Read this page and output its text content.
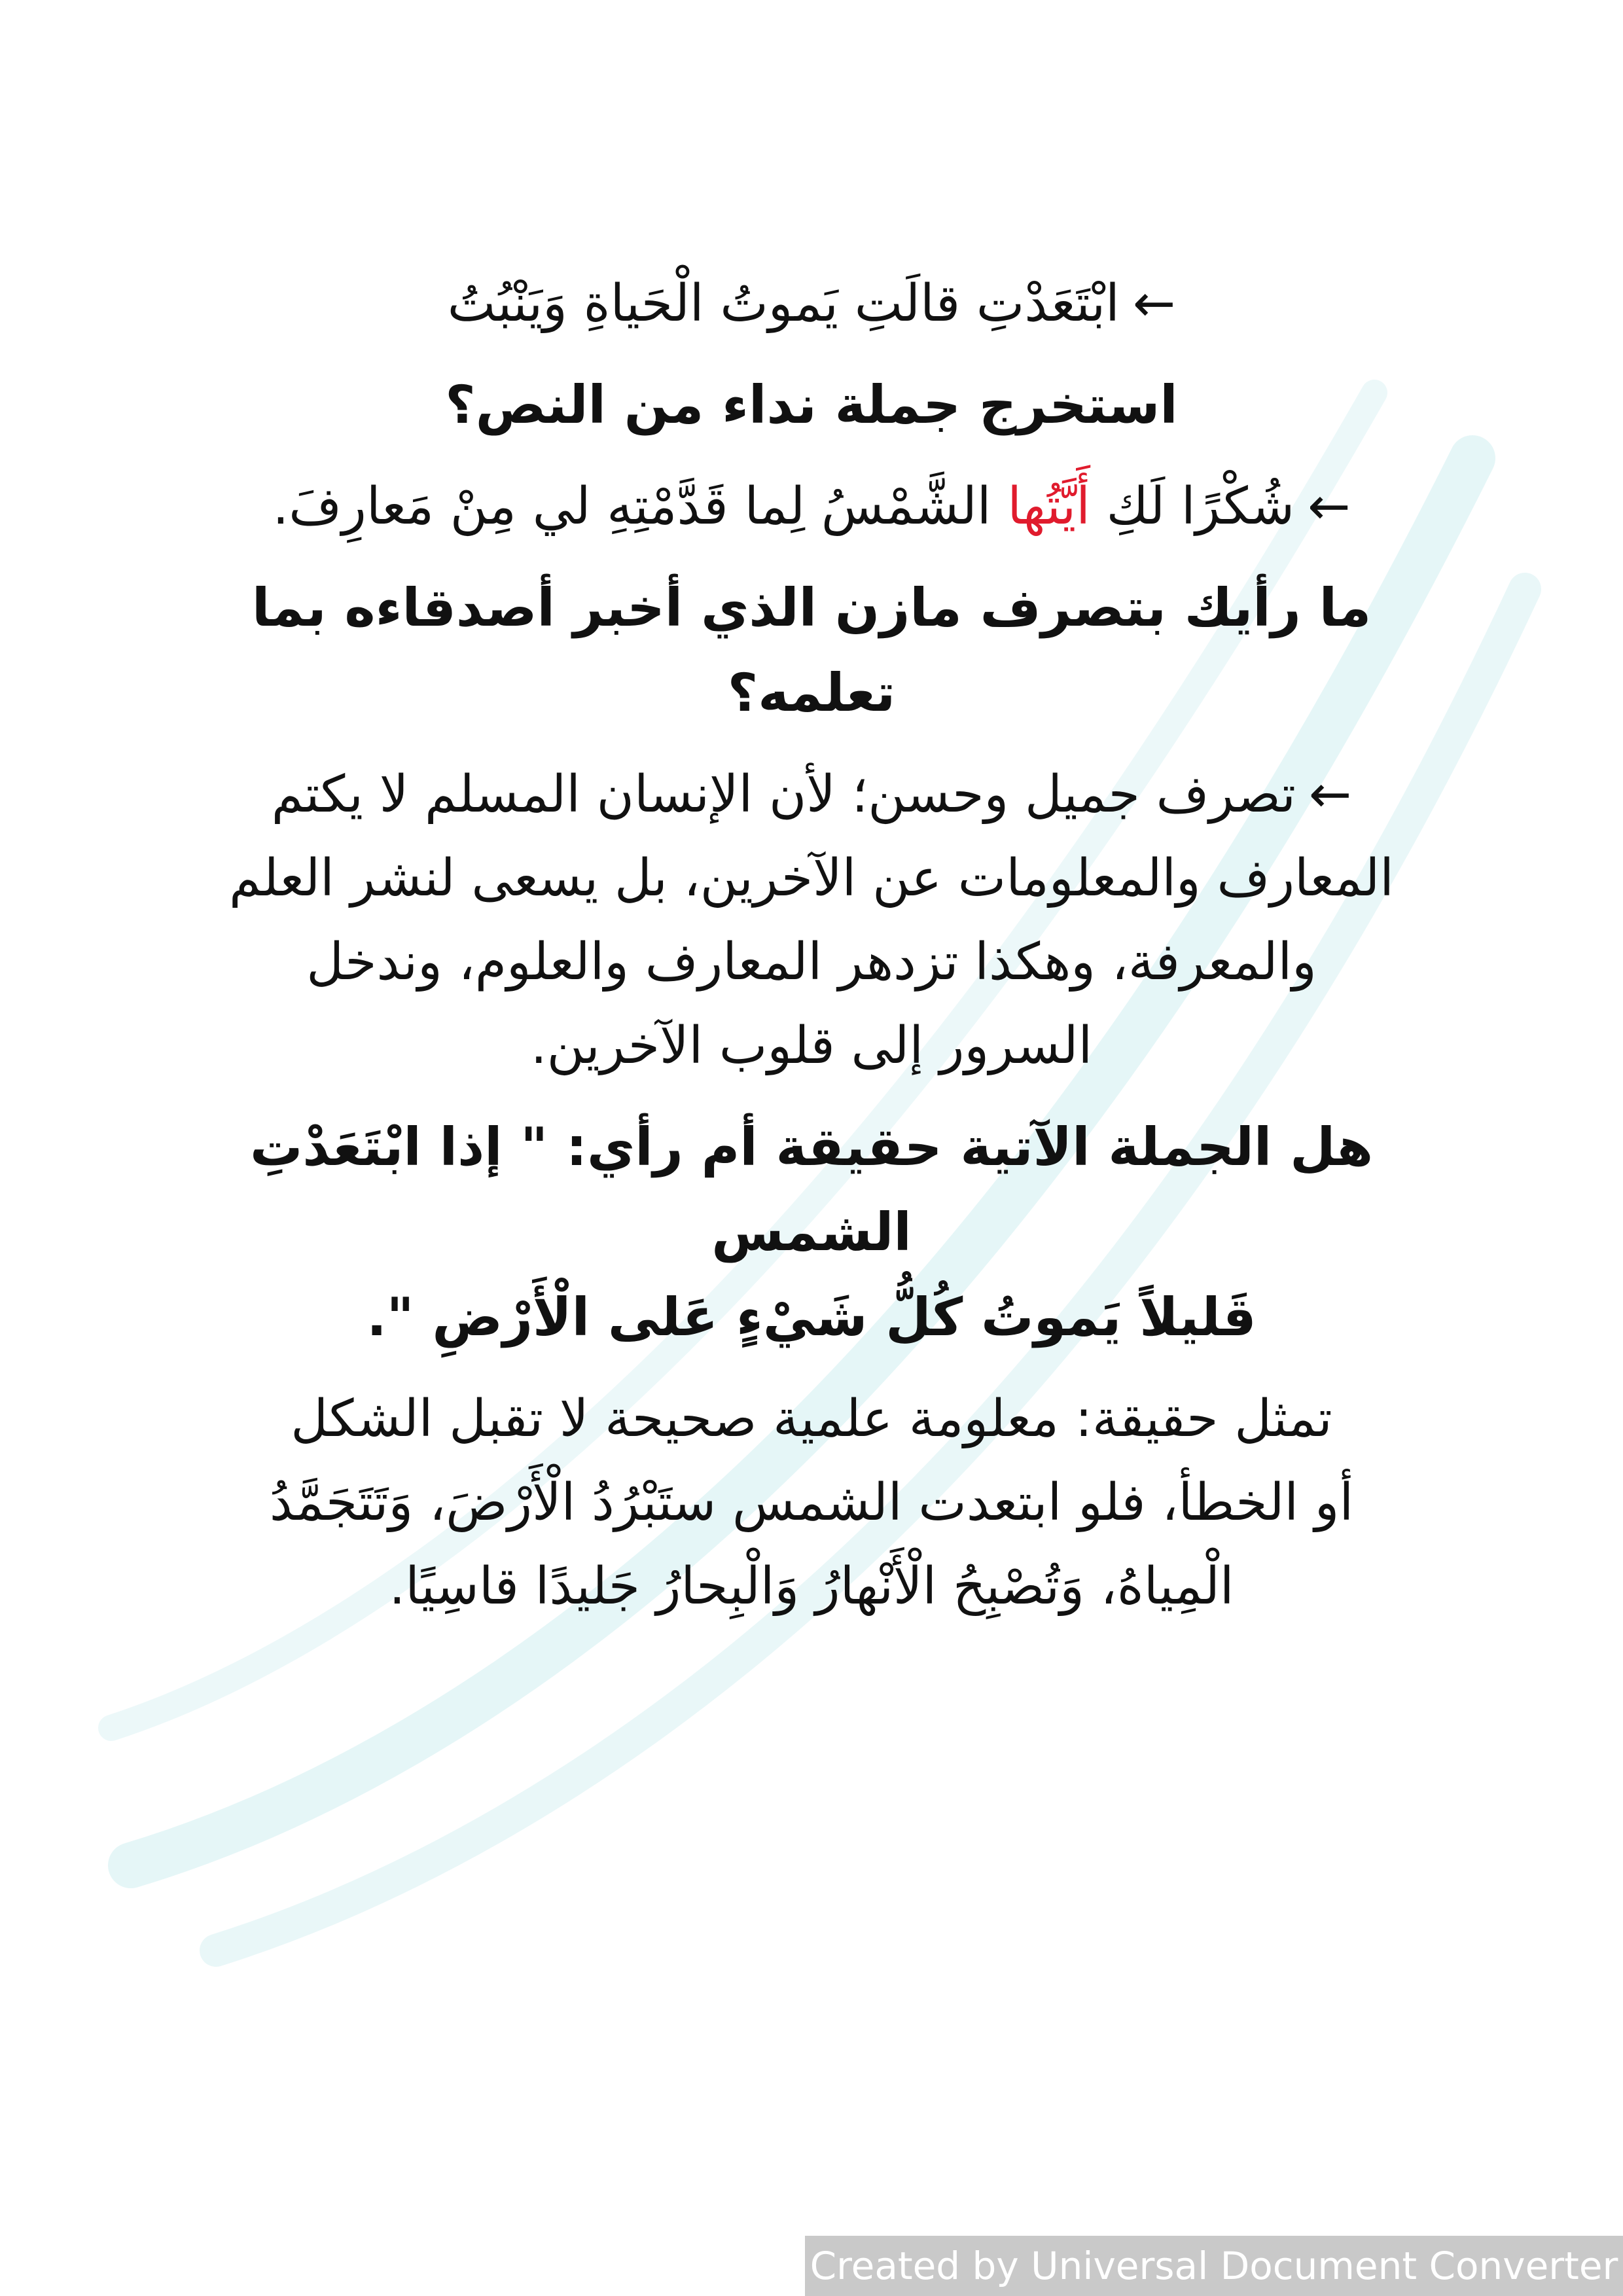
←ابْتَعَدْتِ قالَتِ يَموتُ الْحَياةِ وَيَنْبُتُ

استخرج جملة نداء من النص؟

←شُكْرًا لَكِ أَيَّتُها الشَّمْسُ لِما قَدَّمْتِهِ لي مِنْ مَعارِفَ.

ما رأيك بتصرف مازن الذي أخبر أصدقاءه بما تعلمه؟

←تصرف جميل وحسن؛ لأن الإنسان المسلم لا يكتم

المعارف والمعلومات عن الآخرين، بل يسعى لنشر العلم

والمعرفة، وهكذا تزدهر المعارف والعلوم، وندخل

السرور إلى قلوب الآخرين.

هل الجملة الآتية حقيقة أم رأي: " إذا ابْتَعَدْتِ الشمس

قَليلاً يَموتُ كُلُّ شَيْءٍ عَلى الْأَرْضِ ".

تمثل حقيقة: معلومة علمية صحيحة لا تقبل الشكل

أو الخطأ، فلو ابتعدت الشمس ستَبْرُدُ الْأَرْضَ، وَتَتَجَمَّدُ

الْمِياهُ، وَتُصْبِحُ الْأَنْهارُ وَالْبِحارُ جَليدًا قاسِيًا.

Created by Universal Document Converter
